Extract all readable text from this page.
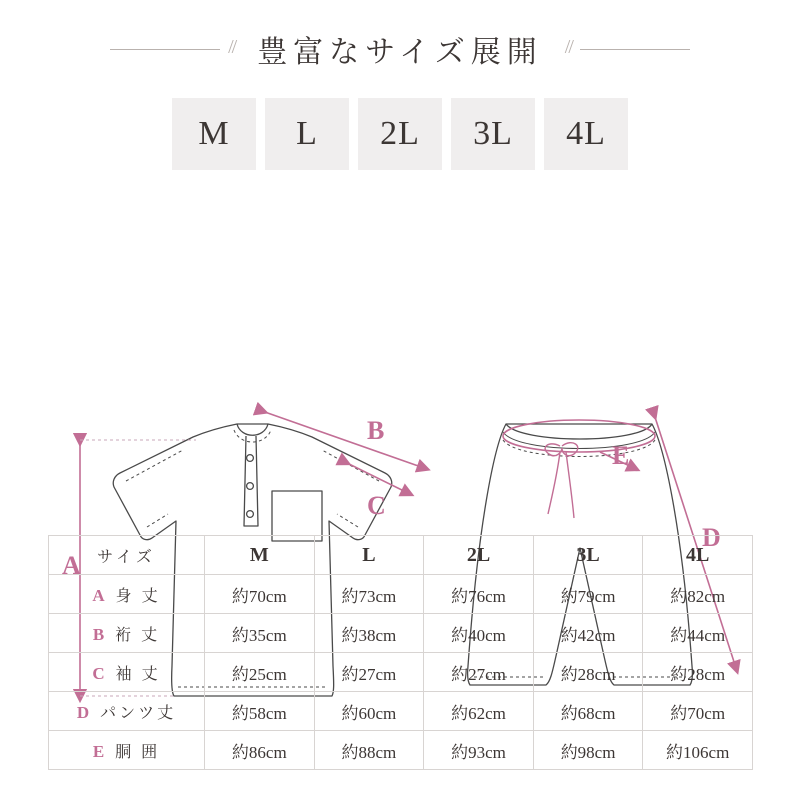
// 豊富なサイズ展開	//
M	L	2L	3L	4L
A
B
C
E
D
サイズ	M	L	2L	3L	4L
A 身 丈	約70cm	約73cm	約76cm	約79cm	約82cm
B 裄 丈	約35cm	約38cm	約40cm	約42cm	約44cm
C 袖 丈	約25cm	約27cm	約27cm	約28cm	約28cm
D パンツ丈	約58cm	約60cm	約62cm	約68cm	約70cm
E 胴 囲	約86cm	約88cm	約93cm	約98cm	約106cm
